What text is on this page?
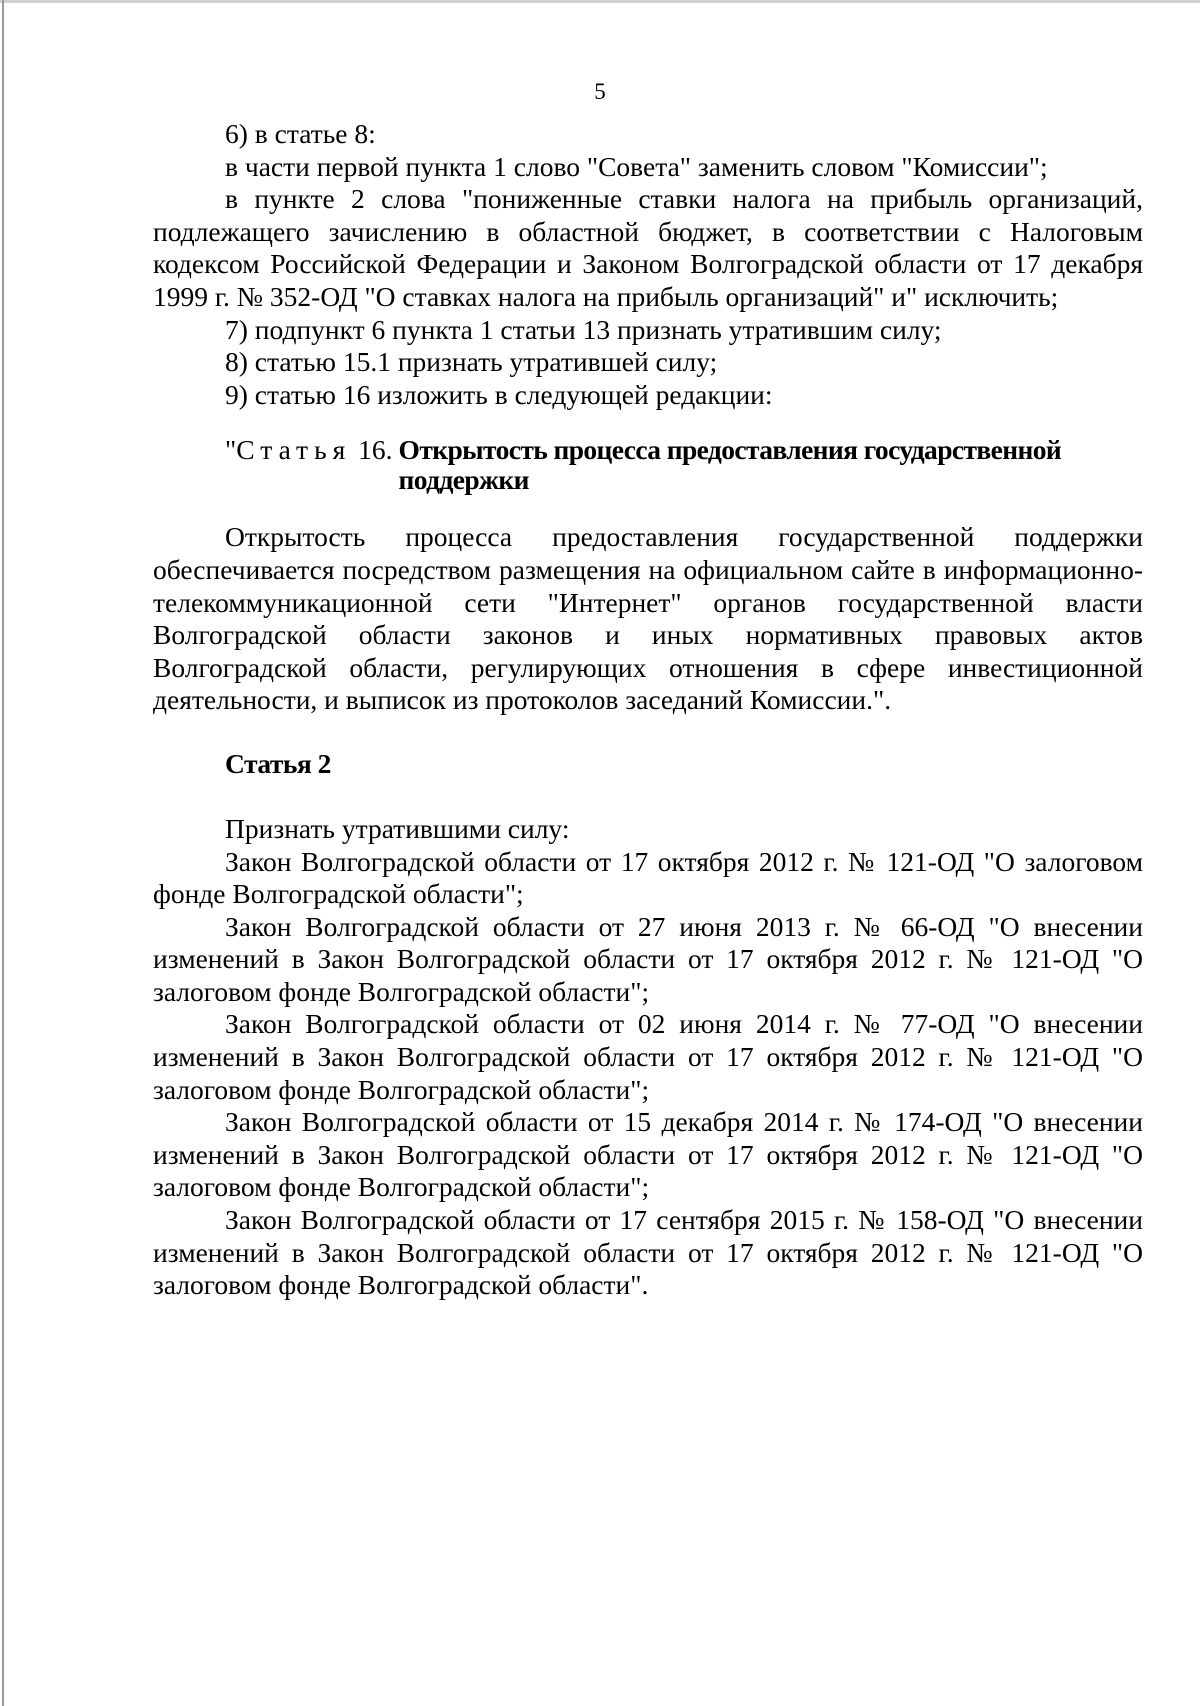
5

6) в статье 8:

в части первой пункта 1 слово "Совета" заменить словом "Комиссии";

в пункте 2 слова "пониженные ставки налога на прибыль организаций, подлежащего зачислению в областной бюджет, в соответствии с Налоговым кодексом Российской Федерации и Законом Волгоградской области от 17 декабря 1999 г. № 352-ОД "О ставках налога на прибыль организаций" и" исключить;

7) подпункт 6 пункта 1 статьи 13 признать утратившим силу;

8) статью 15.1 признать утратившей силу;

9) статью 16 изложить в следующей редакции:

"Статья 16. Открытость процесса предоставления государственной поддержки

Открытость процесса предоставления государственной поддержки обеспечивается посредством размещения на официальном сайте в информационно-телекоммуникационной сети "Интернет" органов государственной власти Волгоградской области законов и иных нормативных правовых актов Волгоградской области, регулирующих отношения в сфере инвестиционной деятельности, и выписок из протоколов заседаний Комиссии.".

Статья 2

Признать утратившими силу:

Закон Волгоградской области от 17 октября 2012 г. № 121-ОД "О залоговом фонде Волгоградской области";

Закон Волгоградской области от 27 июня 2013 г. № 66-ОД "О внесении изменений в Закон Волгоградской области от 17 октября 2012 г. № 121-ОД "О залоговом фонде Волгоградской области";

Закон Волгоградской области от 02 июня 2014 г. № 77-ОД "О внесении изменений в Закон Волгоградской области от 17 октября 2012 г. № 121-ОД "О залоговом фонде Волгоградской области";

Закон Волгоградской области от 15 декабря 2014 г. № 174-ОД "О внесении изменений в Закон Волгоградской области от 17 октября 2012 г. № 121-ОД "О залоговом фонде Волгоградской области";

Закон Волгоградской области от 17 сентября 2015 г. № 158-ОД "О внесении изменений в Закон Волгоградской области от 17 октября 2012 г. № 121-ОД "О залоговом фонде Волгоградской области".
